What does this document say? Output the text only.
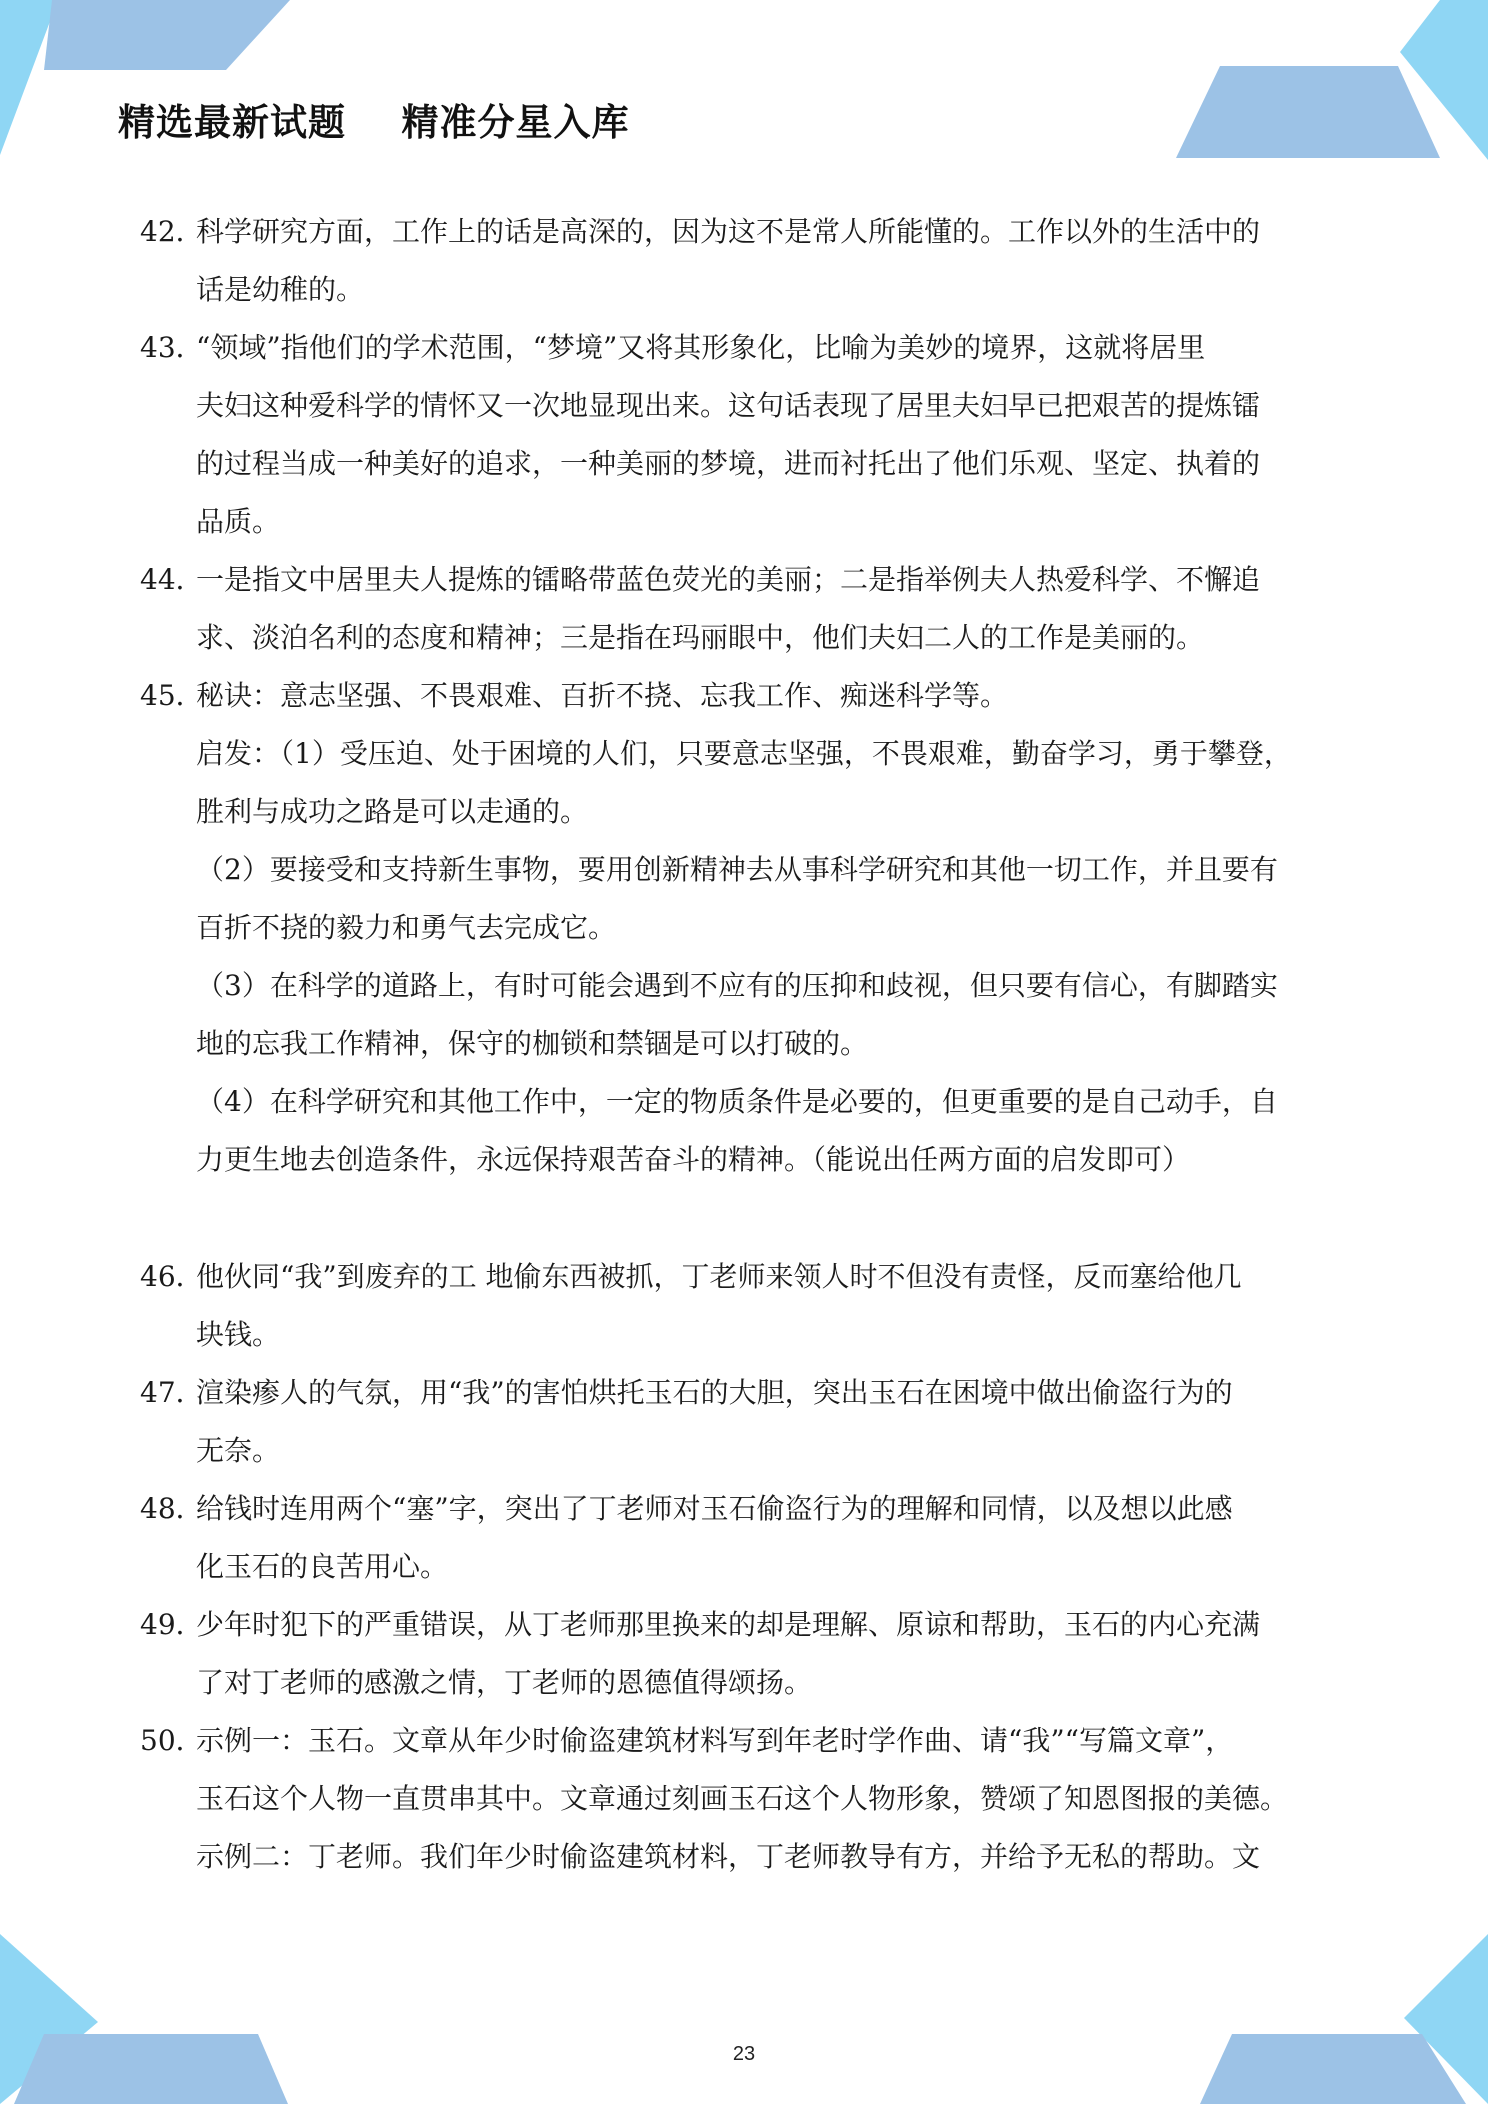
精选最新试题    精准分星入库
42．
科学研究方面，工作上的话是高深的，因为这不是常人所能懂的。工作以外的生活中的
话是幼稚的。
43．
“领域”指他们的学术范围，“梦境”又将其形象化，比喻为美妙的境界，这就将居里
夫妇这种爱科学的情怀又一次地显现出来。这句话表现了居里夫妇早已把艰苦的提炼镭
的过程当成一种美好的追求，一种美丽的梦境，进而衬托出了他们乐观、坚定、执着的
品质。
44．
一是指文中居里夫人提炼的镭略带蓝色荧光的美丽；二是指举例夫人热爱科学、不懈追
求、淡泊名利的态度和精神；三是指在玛丽眼中，他们夫妇二人的工作是美丽的。
45．
秘诀：意志坚强、不畏艰难、百折不挠、忘我工作、痴迷科学等。
启发：（1）受压迫、处于困境的人们，只要意志坚强，不畏艰难，勤奋学习，勇于攀登，
胜利与成功之路是可以走通的。
（2）要接受和支持新生事物，要用创新精神去从事科学研究和其他一切工作，并且要有
百折不挠的毅力和勇气去完成它。
（3）在科学的道路上，有时可能会遇到不应有的压抑和歧视，但只要有信心，有脚踏实
地的忘我工作精神，保守的枷锁和禁锢是可以打破的。
（4）在科学研究和其他工作中，一定的物质条件是必要的，但更重要的是自己动手，自
力更生地去创造条件，永远保持艰苦奋斗的精神。（能说出任两方面的启发即可）
46．
他伙同“我”到废弃的工 地偷东西被抓，丁老师来领人时不但没有责怪，反而塞给他几
块钱。
47．
渲染瘆人的气氛，用“我”的害怕烘托玉石的大胆，突出玉石在困境中做出偷盗行为的
无奈。
48．
给钱时连用两个“塞”字，突出了丁老师对玉石偷盗行为的理解和同情，以及想以此感
化玉石的良苦用心。
49．
少年时犯下的严重错误，从丁老师那里换来的却是理解、原谅和帮助，玉石的内心充满
了对丁老师的感激之情，丁老师的恩德值得颂扬。
50．
示例一：玉石。文章从年少时偷盗建筑材料写到年老时学作曲、请“我”“写篇文章”，
玉石这个人物一直贯串其中。文章通过刻画玉石这个人物形象，赞颂了知恩图报的美德。
示例二：丁老师。我们年少时偷盗建筑材料，丁老师教导有方，并给予无私的帮助。文
23
